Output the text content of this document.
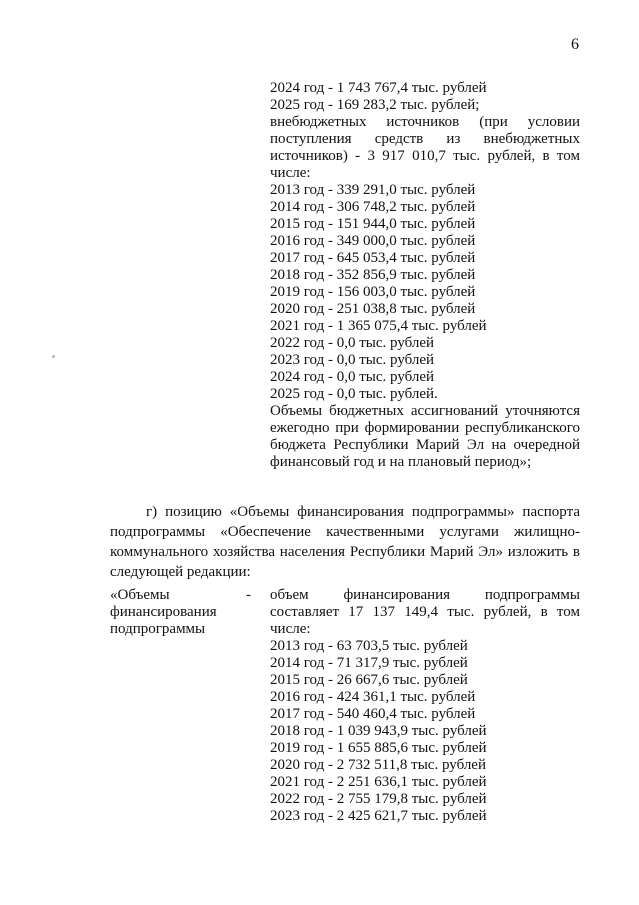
6
2024 год - 1 743 767,4 тыс. рублей
2025 год - 169 283,2 тыс. рублей;
внебюджетных источников (при условии поступления средств из внебюджетных источников) - 3 917 010,7 тыс. рублей, в том числе:
2013 год - 339 291,0 тыс. рублей
2014 год - 306 748,2 тыс. рублей
2015 год - 151 944,0 тыс. рублей
2016 год - 349 000,0 тыс. рублей
2017 год - 645 053,4 тыс. рублей
2018 год - 352 856,9 тыс. рублей
2019 год - 156 003,0 тыс. рублей
2020 год - 251 038,8 тыс. рублей
2021 год - 1 365 075,4 тыс. рублей
2022 год - 0,0 тыс. рублей
2023 год - 0,0 тыс. рублей
2024 год - 0,0 тыс. рублей
2025 год - 0,0 тыс. рублей.
Объемы бюджетных ассигнований уточняются ежегодно при формировании республиканского бюджета Республики Марий Эл на очередной финансовый год и на плановый период»;
г) позицию «Объемы финансирования подпрограммы» паспорта подпрограммы «Обеспечение качественными услугами жилищно-коммунального хозяйства населения Республики Марий Эл» изложить в следующей редакции:
«Объемы
финансирования
подпрограммы
- объем финансирования подпрограммы составляет 17 137 149,4 тыс. рублей, в том числе:
2013 год - 63 703,5 тыс. рублей
2014 год - 71 317,9 тыс. рублей
2015 год - 26 667,6 тыс. рублей
2016 год - 424 361,1 тыс. рублей
2017 год - 540 460,4 тыс. рублей
2018 год - 1 039 943,9 тыс. рублей
2019 год - 1 655 885,6 тыс. рублей
2020 год - 2 732 511,8 тыс. рублей
2021 год - 2 251 636,1 тыс. рублей
2022 год - 2 755 179,8 тыс. рублей
2023 год - 2 425 621,7 тыс. рублей
